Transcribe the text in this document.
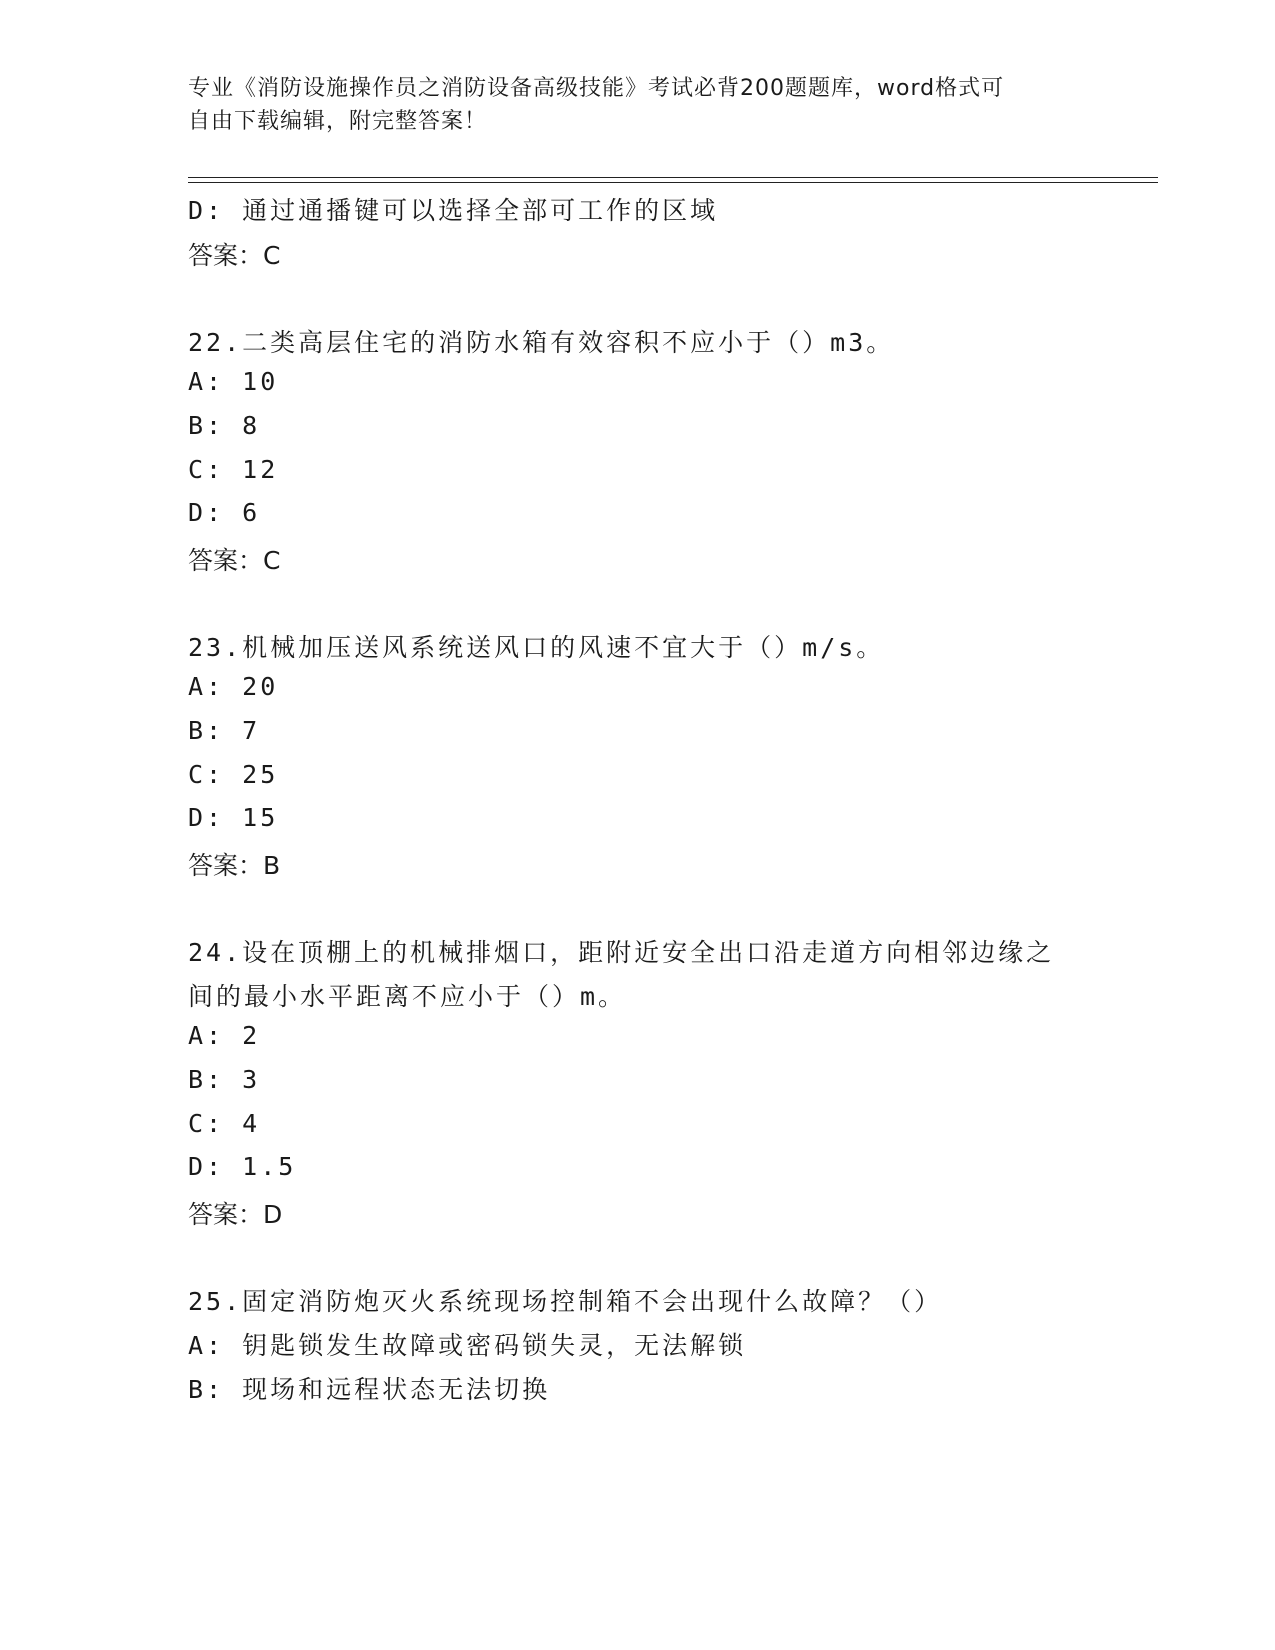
专业《消防设施操作员之消防设备高级技能》考试必背200题题库，word格式可
自由下载编辑，附完整答案！
D: 通过通播键可以选择全部可工作的区域
答案：C
22.二类高层住宅的消防水箱有效容积不应小于（）m3。
A: 10
B: 8
C: 12
D: 6
答案：C
23.机械加压送风系统送风口的风速不宜大于（）m/s。
A: 20
B: 7
C: 25
D: 15
答案：B
24.设在顶棚上的机械排烟口，距附近安全出口沿走道方向相邻边缘之
间的最小水平距离不应小于（）m。
A: 2
B: 3
C: 4
D: 1.5
答案：D
25.固定消防炮灭火系统现场控制箱不会出现什么故障？（）
A: 钥匙锁发生故障或密码锁失灵，无法解锁
B: 现场和远程状态无法切换
